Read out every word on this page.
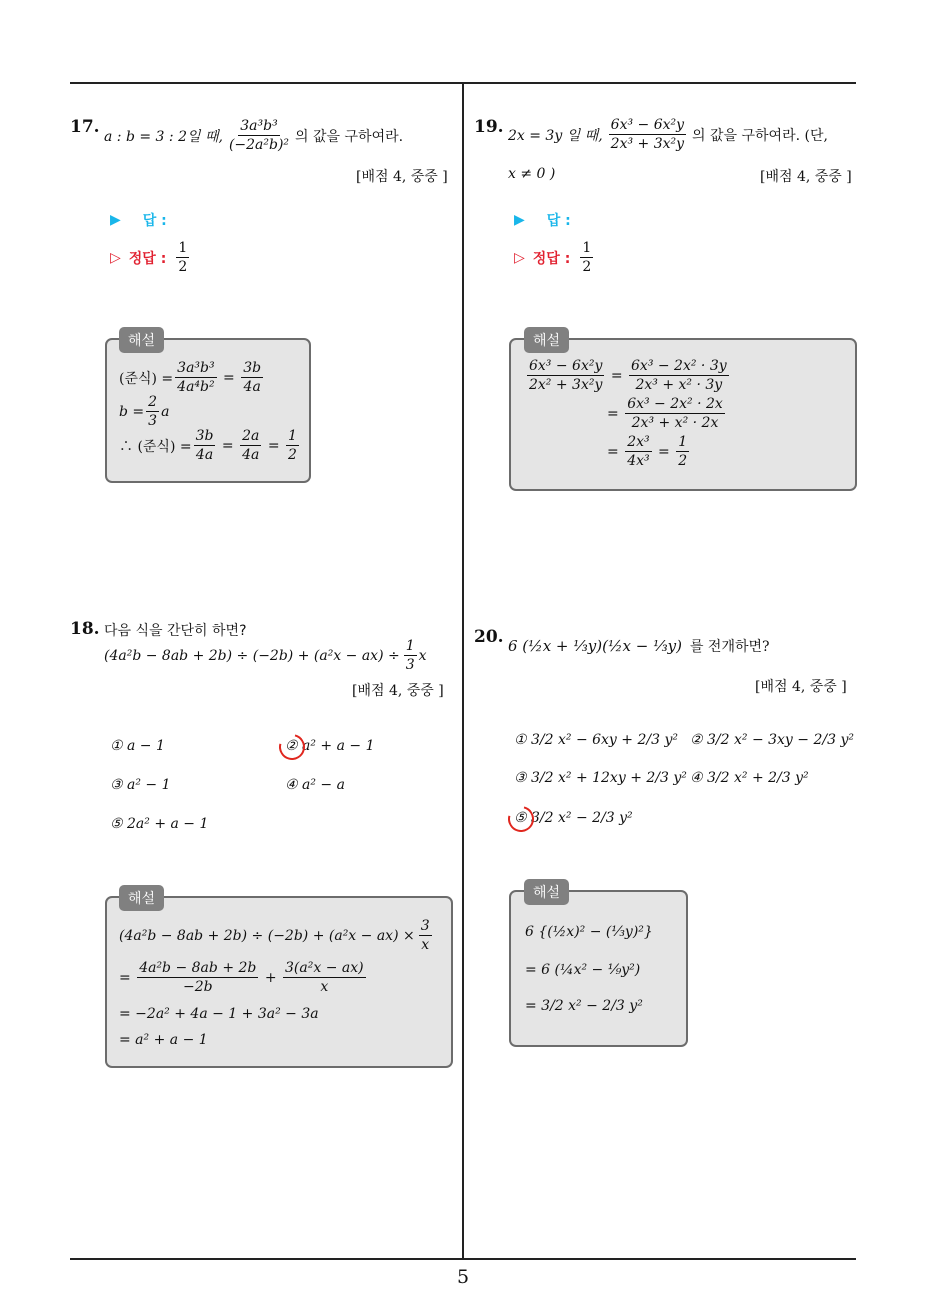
5
17. a : b = 3 : 2일 때, $\frac{\text{3a³b³}}{\text{(−2a²b)²}}$ 의 값을 구하여라.
[배점 4, 중중 ]
▶ 답 :
▷ 정답 : $\frac{1}{2}$
(준식) = $\frac{\text{3a³b³}}{\text{4a⁴b²}} = \frac{3b}{4a}$
$b = \frac{2}{3}$ a
∴ (준식) = $\frac{3b}{4a} = \frac{2a}{4a} = \frac{1}{2}$
해설
19. 2x = 3y 일 때, $\frac{\text{6x³ − 6x²y}}{\text{2x³ + 3x²y}}$ 의 값을 구하여라. (단,
x ≠ 0 )	[배점 4, 중중 ]
▶ 답 :
▷ 정답 : $\frac{1}{2}$
$\frac{\text{6x³ − 6x²y}}{\text{2x² + 3x²y}} = \frac{\text{6x³ − 2x² · 3y}}{\text{2x³ + x² · 3y}}$
= $\frac{\text{6x³ − 2x² · 2x}}{\text{2x³ + x² · 2x}}$
= $\frac{\text{2x³}}{\text{4x³}} = \frac{1}{2}$
해설
18. 다음 식을 간단히 하면?
$(4a^2b - 8ab + 2b) \div (-2b) + (a^2x - ax) \div \frac{1}{3}$ x
[배점 4, 중중 ]
① a − 1	② a² + a − 1
③ a² − 1	④ a² − a
⑤ 2a² + a − 1
$(4a^2b - 8ab + 2b) \div (-2b) + (a^2x - ax) \times \frac{3}{x}$
= $\frac{\text{4a²b − 8ab + 2b}}{-2b} + \frac{\text{3(a²x − ax)}}{x}$
= −2a² + 4a − 1 + 3a² − 3a
= a² + a − 1
해설
20. 6 (½x + ⅓y)(½x − ⅓y) 를 전개하면?
[배점 4, 중중 ]
① 3/2 x² − 6xy + 2/3 y² ② 3/2 x² − 3xy − 2/3 y²
③ 3/2 x² + 12xy + 2/3 y² ④ 3/2 x² + 2/3 y²
⑤ 3/2 x² − 2/3 y²
6 {(½x)² − (⅓y)²}
= 6 (¼x² − ⅑y²)
= 3/2 x² − 2/3 y²
해설
